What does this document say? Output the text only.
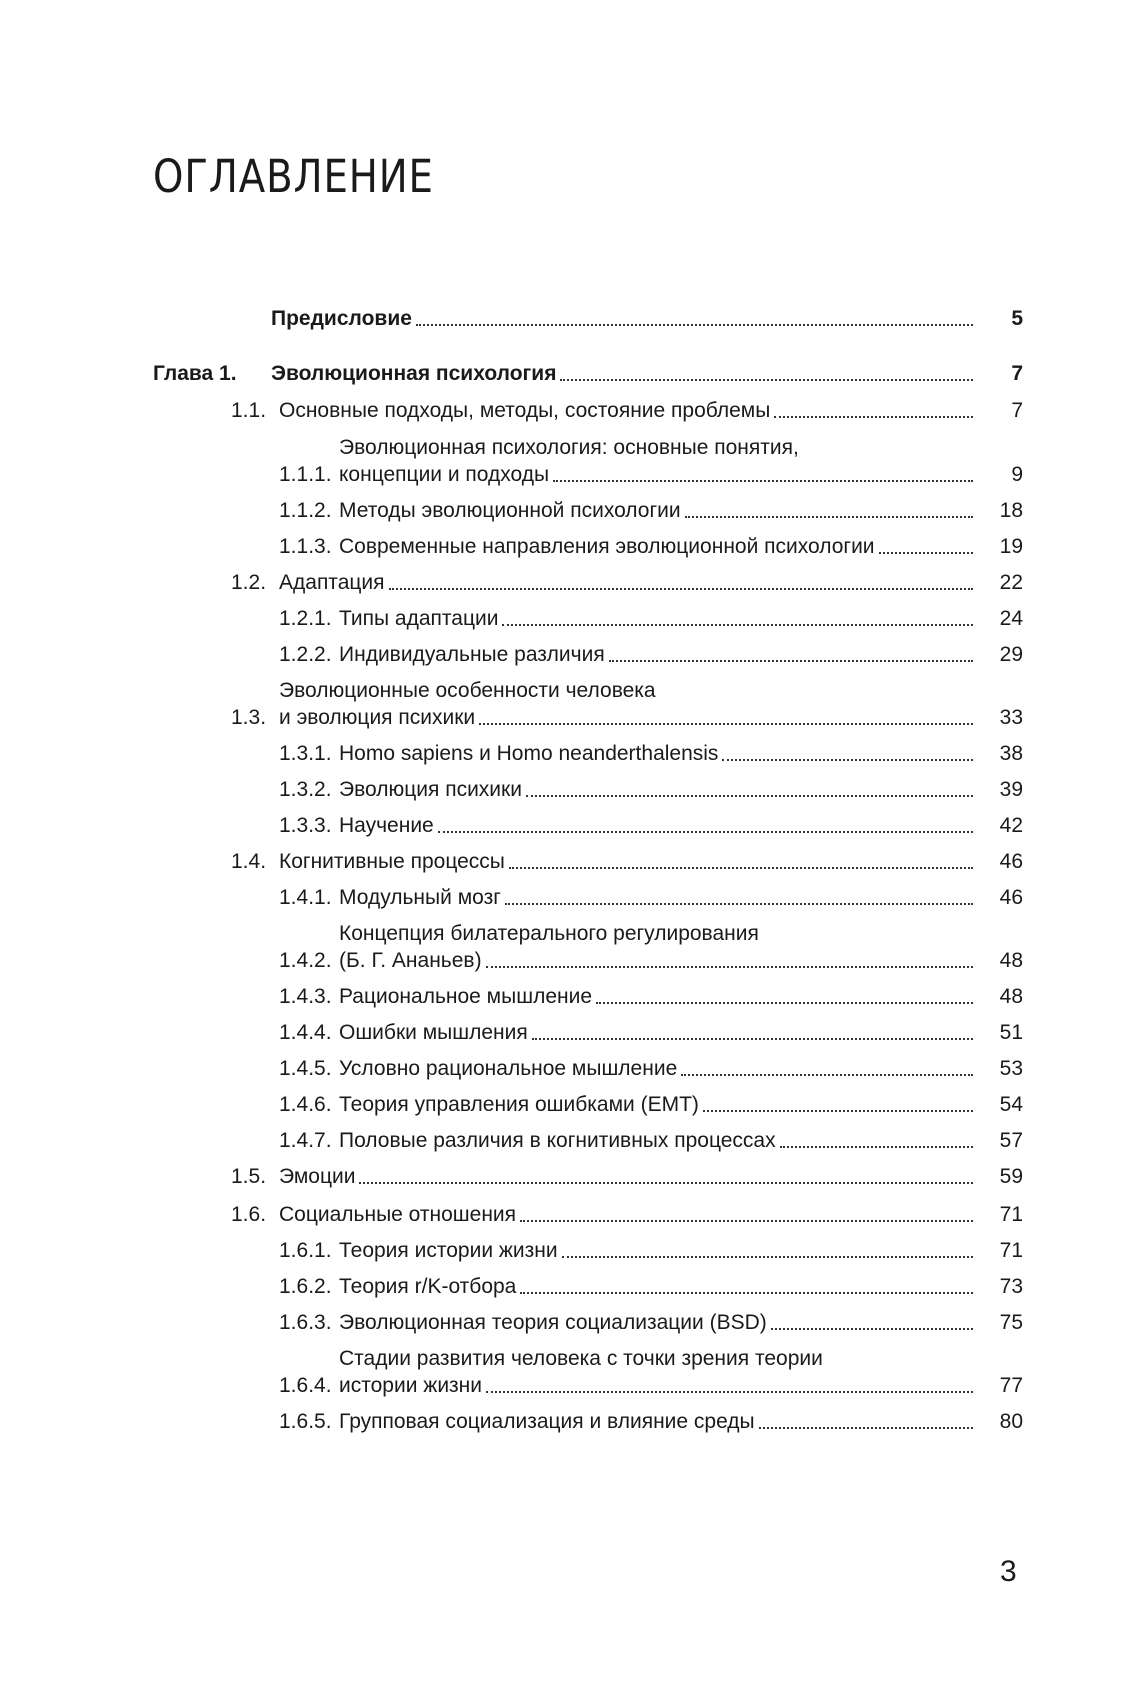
ОГЛАВЛЕНИЕ
Предисловие	5
Глава 1.	Эволюционная психология	7
1.1. Основные подходы, методы, состояние проблемы	7
1.1.1.
Эволюционная психология: основные понятия,
концепции и подходы	9
1.1.2. Методы эволюционной психологии	18
1.1.3. Современные направления эволюционной психологии	19
1.2. Адаптация	22
1.2.1. Типы адаптации	24
1.2.2. Индивидуальные различия	29
1.3.
Эволюционные особенности человека
и эволюция психики	33
1.3.1. Homo sapiens и Homo neanderthalensis	38
1.3.2. Эволюция психики	39
1.3.3. Научение	42
1.4. Когнитивные процессы	46
1.4.1. Модульный мозг	46
1.4.2.
Концепция билатерального регулирования
(Б. Г. Ананьев)	48
1.4.3. Рациональное мышление	48
1.4.4. Ошибки мышления	51
1.4.5. Условно рациональное мышление	53
1.4.6. Теория управления ошибками (EMT)	54
1.4.7. Половые различия в когнитивных процессах	57
1.5. Эмоции	59
1.6. Социальные отношения	71
1.6.1. Теория истории жизни	71
1.6.2. Теория r/K-отбора	73
1.6.3. Эволюционная теория социализации (BSD)	75
1.6.4.
Стадии развития человека с точки зрения теории
истории жизни	77
1.6.5. Групповая социализация и влияние среды	80
3
